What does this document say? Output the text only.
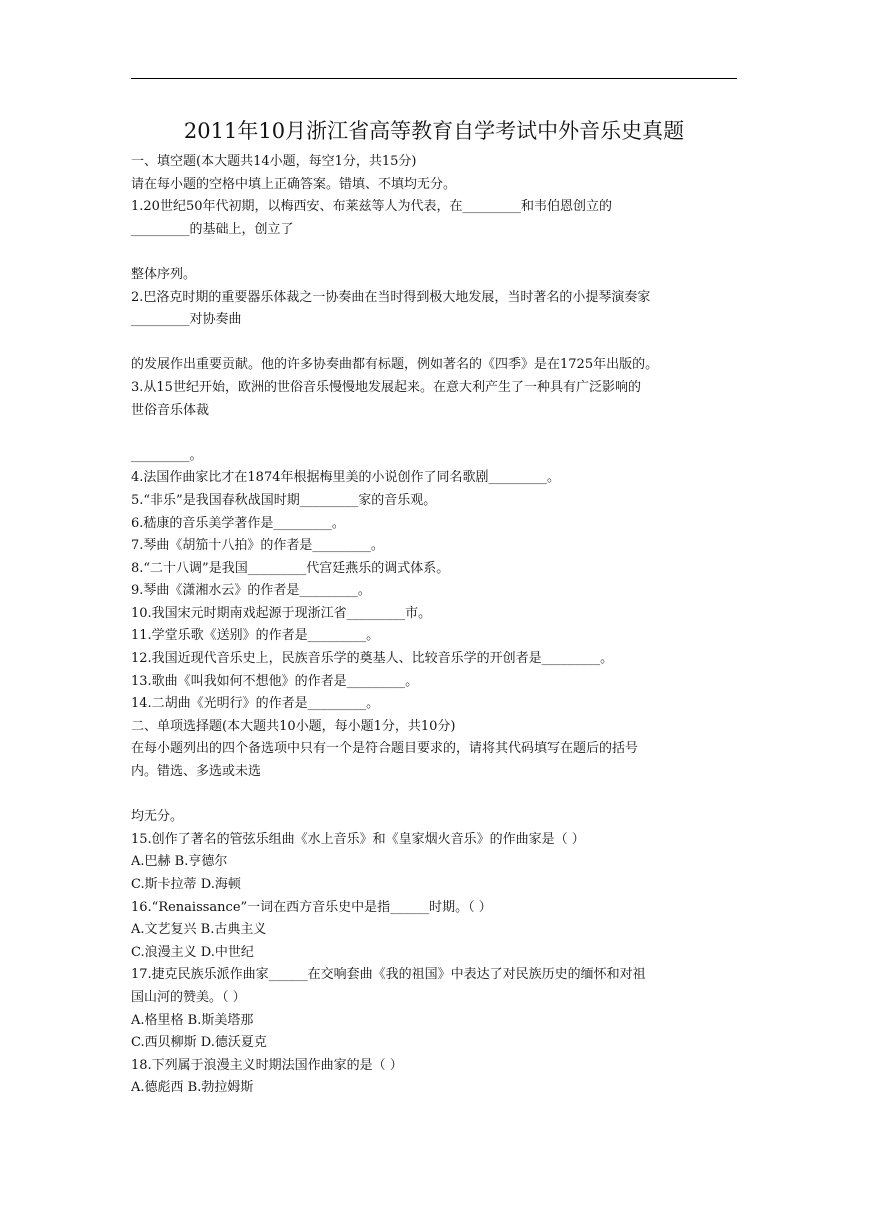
2011年10月浙江省高等教育自学考试中外音乐史真题
一、填空题(本大题共14小题，每空1分，共15分)
请在每小题的空格中填上正确答案。错填、不填均无分。
1.20世纪50年代初期，以梅西安、布莱兹等人为代表，在_________和韦伯恩创立的
_________的基础上，创立了
整体序列。
2.巴洛克时期的重要器乐体裁之一协奏曲在当时得到极大地发展，当时著名的小提琴演奏家
_________对协奏曲
的发展作出重要贡献。他的许多协奏曲都有标题，例如著名的《四季》是在1725年出版的。
3.从15世纪开始，欧洲的世俗音乐慢慢地发展起来。在意大利产生了一种具有广泛影响的
世俗音乐体裁
_________。
4.法国作曲家比才在1874年根据梅里美的小说创作了同名歌剧_________。
5.“非乐”是我国春秋战国时期_________家的音乐观。
6.嵇康的音乐美学著作是_________。
7.琴曲《胡笳十八拍》的作者是_________。
8.“二十八调”是我国_________代宫廷燕乐的调式体系。
9.琴曲《潇湘水云》的作者是_________。
10.我国宋元时期南戏起源于现浙江省_________市。
11.学堂乐歌《送别》的作者是_________。
12.我国近现代音乐史上，民族音乐学的奠基人、比较音乐学的开创者是_________。
13.歌曲《叫我如何不想他》的作者是_________。
14.二胡曲《光明行》的作者是_________。
二、单项选择题(本大题共10小题，每小题1分，共10分)
在每小题列出的四个备选项中只有一个是符合题目要求的，请将其代码填写在题后的括号
内。错选、多选或未选
均无分。
15.创作了著名的管弦乐组曲《水上音乐》和《皇家烟火音乐》的作曲家是（ ）
A.巴赫 B.亨德尔
C.斯卡拉蒂 D.海顿
16.“Renaissance”一词在西方音乐史中是指______时期。（ ）
A.文艺复兴 B.古典主义
C.浪漫主义 D.中世纪
17.捷克民族乐派作曲家______在交响套曲《我的祖国》中表达了对民族历史的缅怀和对祖
国山河的赞美。（ ）
A.格里格 B.斯美塔那
C.西贝柳斯 D.德沃夏克
18.下列属于浪漫主义时期法国作曲家的是（ ）
A.德彪西 B.勃拉姆斯
